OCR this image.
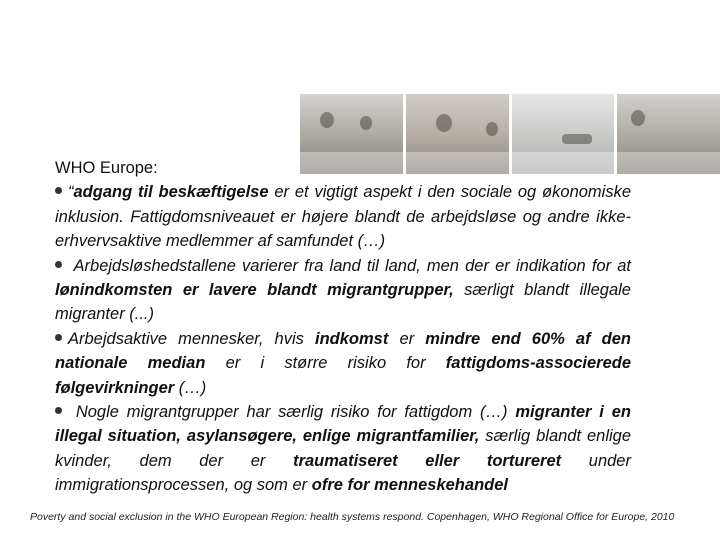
WHO Europe:
“adgang til beskæftigelse er et vigtigt aspekt i den sociale og økonomiske inklusion. Fattigdomsniveauet er højere blandt de arbejdsløse og andre ikke-erhvervsaktive medlemmer af samfundet (…)
Arbejdsløshedstallene varierer fra land til land, men der er indikation for at lønindkomsten er lavere blandt migrantgrupper, særligt blandt illegale migranter (...)
Arbejdsaktive mennesker, hvis indkomst er mindre end 60% af den nationale median er i større risiko for fattigdoms-associerede følgevirkninger (…)
Nogle migrantgrupper har særlig risiko for fattigdom (…) migranter i en illegal situation, asylansøgere, enlige migrantfamilier, særlig blandt enlige kvinder, dem der er traumatiseret eller tortureret under immigrationsprocessen, og som er ofre for menneskehandel
Poverty and social exclusion in the WHO European Region: health systems respond. Copenhagen, WHO Regional Office for Europe, 2010
